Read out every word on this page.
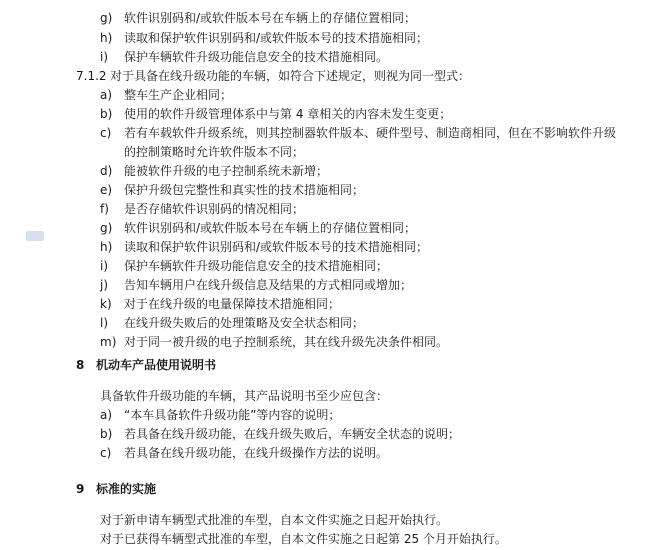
g) 软件识别码和/或软件版本号在车辆上的存储位置相同；
h) 读取和保护软件识别码和/或软件版本号的技术措施相同；
i) 保护车辆软件升级功能信息安全的技术措施相同。
7.1.2 对于具备在线升级功能的车辆，如符合下述规定，则视为同一型式：
a) 整车生产企业相同；
b) 使用的软件升级管理体系中与第 4 章相关的内容未发生变更；
c) 若有车载软件升级系统，则其控制器软件版本、硬件型号、制造商相同，但在不影响软件升级
的控制策略时允许软件版本不同；
d) 能被软件升级的电子控制系统未新增；
e) 保护升级包完整性和真实性的技术措施相同；
f) 是否存储软件识别码的情况相同；
g) 软件识别码和/或软件版本号在车辆上的存储位置相同；
h) 读取和保护软件识别码和/或软件版本号的技术措施相同；
i) 保护车辆软件升级功能信息安全的技术措施相同；
j) 告知车辆用户在线升级信息及结果的方式相同或增加；
k) 对于在线升级的电量保障技术措施相同；
l) 在线升级失败后的处理策略及安全状态相同；
m) 对于同一被升级的电子控制系统，其在线升级先决条件相同。
8 机动车产品使用说明书
具备软件升级功能的车辆，其产品说明书至少应包含：
a) “本车具备软件升级功能”等内容的说明；
b) 若具备在线升级功能，在线升级失败后，车辆安全状态的说明；
c) 若具备在线升级功能，在线升级操作方法的说明。
9 标准的实施
对于新申请车辆型式批准的车型，自本文件实施之日起开始执行。
对于已获得车辆型式批准的车型，自本文件实施之日起第 25 个月开始执行。
